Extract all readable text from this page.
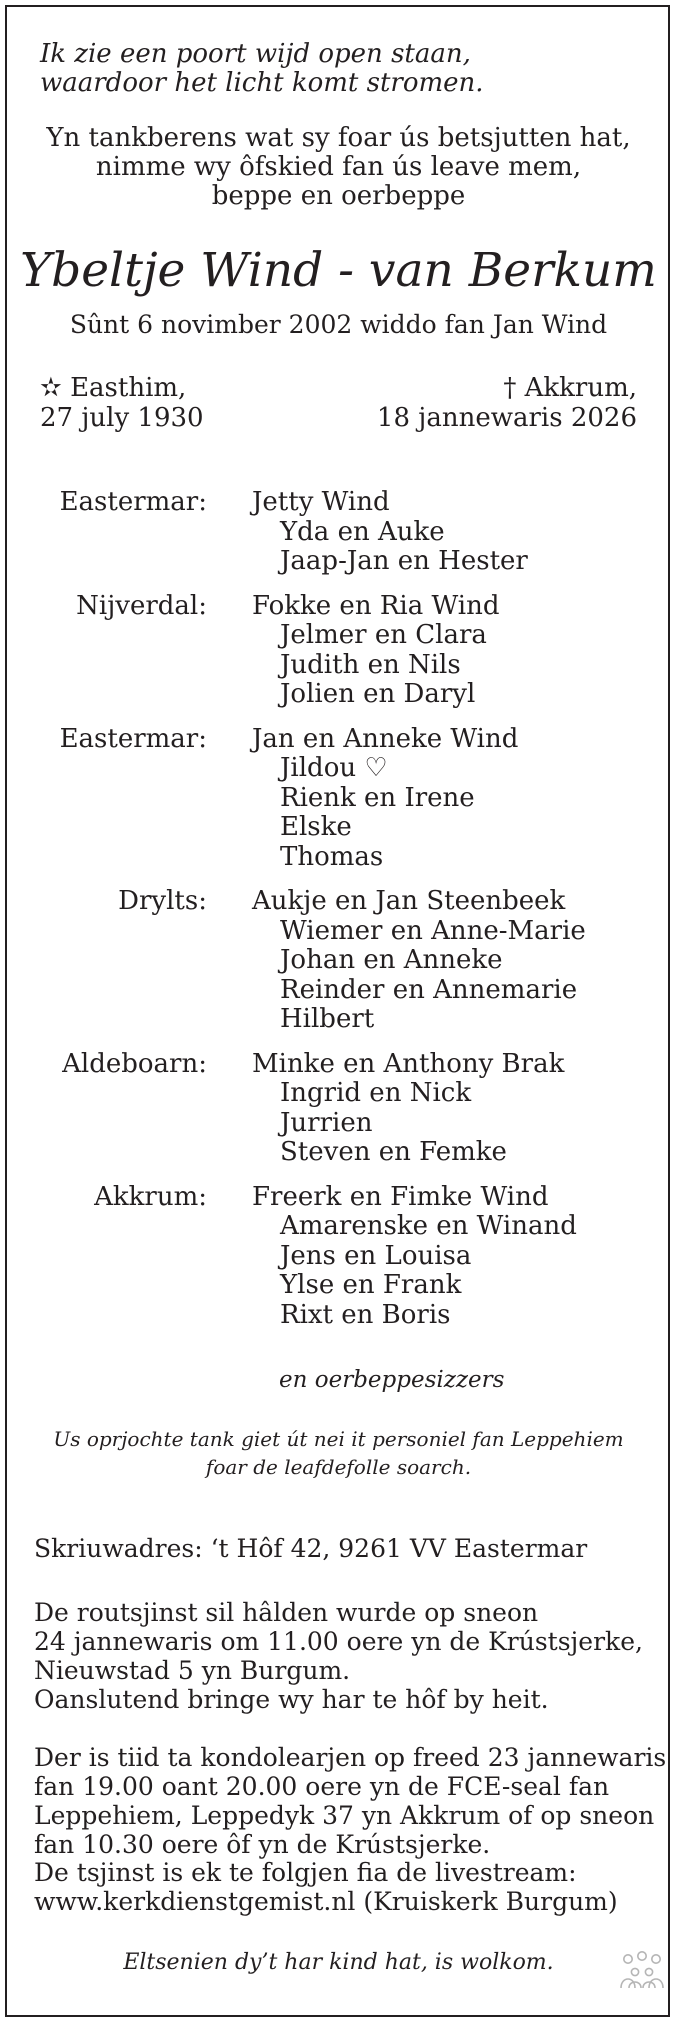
Ik zie een poort wijd open staan,
waardoor het licht komt stromen.
Yn tankberens wat sy foar ús betsjutten hat,
nimme wy ôfskied fan ús leave mem,
beppe en oerbeppe
Ybeltje Wind - van Berkum
Sûnt 6 novimber 2002 widdo fan Jan Wind
✫ Easthim,
27 july 1930
† Akkrum,
18 jannewaris 2026
Eastermar: Jetty Wind
Yda en Auke
Jaap-Jan en Hester
Nijverdal: Fokke en Ria Wind
Jelmer en Clara
Judith en Nils
Jolien en Daryl
Eastermar: Jan en Anneke Wind
Jildou ♡
Rienk en Irene
Elske
Thomas
Drylts: Aukje en Jan Steenbeek
Wiemer en Anne-Marie
Johan en Anneke
Reinder en Annemarie
Hilbert
Aldeboarn: Minke en Anthony Brak
Ingrid en Nick
Jurrien
Steven en Femke
Akkrum: Freerk en Fimke Wind
Amarenske en Winand
Jens en Louisa
Ylse en Frank
Rixt en Boris
en oerbeppesizzers
Us oprjochte tank giet út nei it personiel fan Leppehiem
foar de leafdefolle soarch.
Skriuwadres: ‘t Hôf 42, 9261 VV Eastermar
De routsjinst sil hâlden wurde op sneon
24 jannewaris om 11.00 oere yn de Krústsjerke,
Nieuwstad 5 yn Burgum.
Oanslutend bringe wy har te hôf by heit.
Der is tiid ta kondolearjen op freed 23 jannewaris
fan 19.00 oant 20.00 oere yn de FCE-seal fan
Leppehiem, Leppedyk 37 yn Akkrum of op sneon
fan 10.30 oere ôf yn de Krústsjerke.
De tsjinst is ek te folgjen fia de livestream:
www.kerkdienstgemist.nl (Kruiskerk Burgum)
Eltsenien dy’t har kind hat, is wolkom.
